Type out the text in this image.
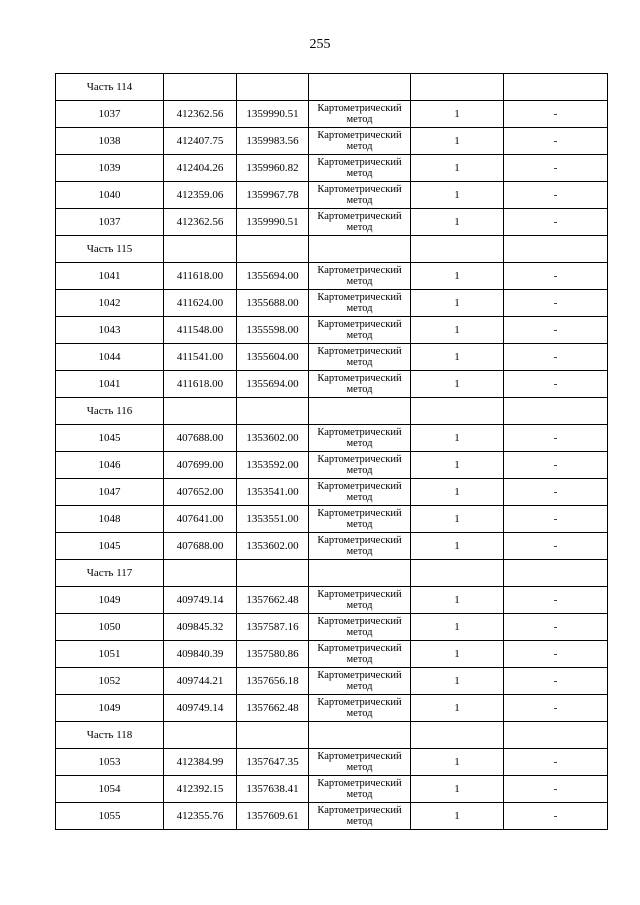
255
Часть 114					
1037	412362.56	1359990.51	Картометрический метод	1	-
1038	412407.75	1359983.56	Картометрический метод	1	-
1039	412404.26	1359960.82	Картометрический метод	1	-
1040	412359.06	1359967.78	Картометрический метод	1	-
1037	412362.56	1359990.51	Картометрический метод	1	-
Часть 115					
1041	411618.00	1355694.00	Картометрический метод	1	-
1042	411624.00	1355688.00	Картометрический метод	1	-
1043	411548.00	1355598.00	Картометрический метод	1	-
1044	411541.00	1355604.00	Картометрический метод	1	-
1041	411618.00	1355694.00	Картометрический метод	1	-
Часть 116					
1045	407688.00	1353602.00	Картометрический метод	1	-
1046	407699.00	1353592.00	Картометрический метод	1	-
1047	407652.00	1353541.00	Картометрический метод	1	-
1048	407641.00	1353551.00	Картометрический метод	1	-
1045	407688.00	1353602.00	Картометрический метод	1	-
Часть 117					
1049	409749.14	1357662.48	Картометрический метод	1	-
1050	409845.32	1357587.16	Картометрический метод	1	-
1051	409840.39	1357580.86	Картометрический метод	1	-
1052	409744.21	1357656.18	Картометрический метод	1	-
1049	409749.14	1357662.48	Картометрический метод	1	-
Часть 118					
1053	412384.99	1357647.35	Картометрический метод	1	-
1054	412392.15	1357638.41	Картометрический метод	1	-
1055	412355.76	1357609.61	Картометрический метод	1	-
